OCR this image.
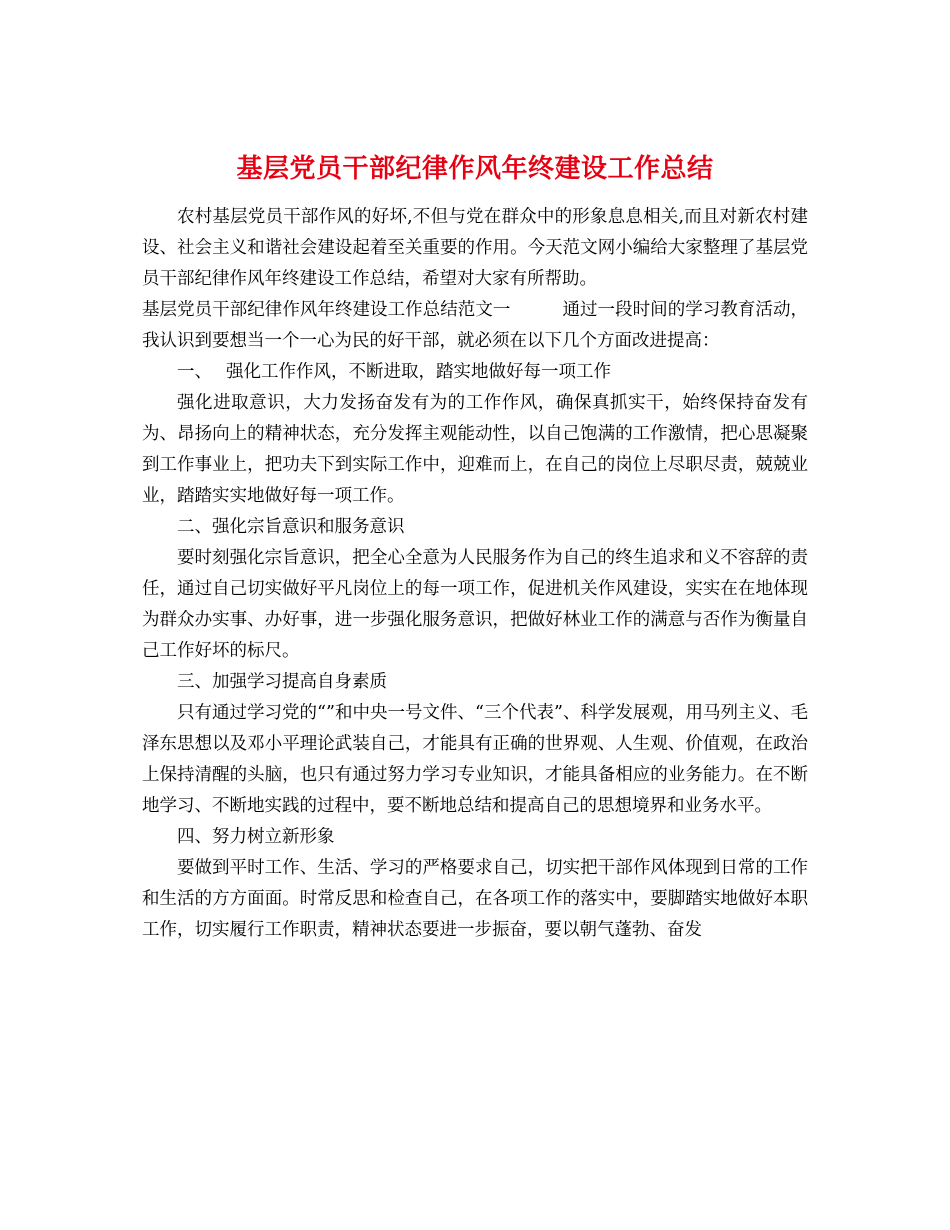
基层党员干部纪律作风年终建设工作总结

农村基层党员干部作风的好坏,不但与党在群众中的形象息息相关,而且对新农村建设、社会主义和谐社会建设起着至关重要的作用。今天范文网小编给大家整理了基层党员干部纪律作风年终建设工作总结，希望对大家有所帮助。

基层党员干部纪律作风年终建设工作总结范文一	通过一段时间的学习教育活动，我认识到要想当一个一心为民的好干部，就必须在以下几个方面改进提高：

一、 强化工作作风，不断进取，踏实地做好每一项工作

强化进取意识，大力发扬奋发有为的工作作风，确保真抓实干，始终保持奋发有为、昂扬向上的精神状态，充分发挥主观能动性，以自己饱满的工作激情，把心思凝聚到工作事业上，把功夫下到实际工作中，迎难而上，在自己的岗位上尽职尽责，兢兢业业，踏踏实实地做好每一项工作。

二、强化宗旨意识和服务意识

要时刻强化宗旨意识，把全心全意为人民服务作为自己的终生追求和义不容辞的责任，通过自己切实做好平凡岗位上的每一项工作，促进机关作风建设，实实在在地体现为群众办实事、办好事，进一步强化服务意识，把做好林业工作的满意与否作为衡量自己工作好坏的标尺。

三、加强学习提高自身素质

只有通过学习党的“”和中央一号文件、“三个代表”、科学发展观，用马列主义、毛泽东思想以及邓小平理论武装自己，才能具有正确的世界观、人生观、价值观，在政治上保持清醒的头脑，也只有通过努力学习专业知识，才能具备相应的业务能力。在不断地学习、不断地实践的过程中，要不断地总结和提高自己的思想境界和业务水平。

四、努力树立新形象

要做到平时工作、生活、学习的严格要求自己，切实把干部作风体现到日常的工作和生活的方方面面。时常反思和检查自己，在各项工作的落实中，要脚踏实地做好本职工作，切实履行工作职责，精神状态要进一步振奋，要以朝气蓬勃、奋发
